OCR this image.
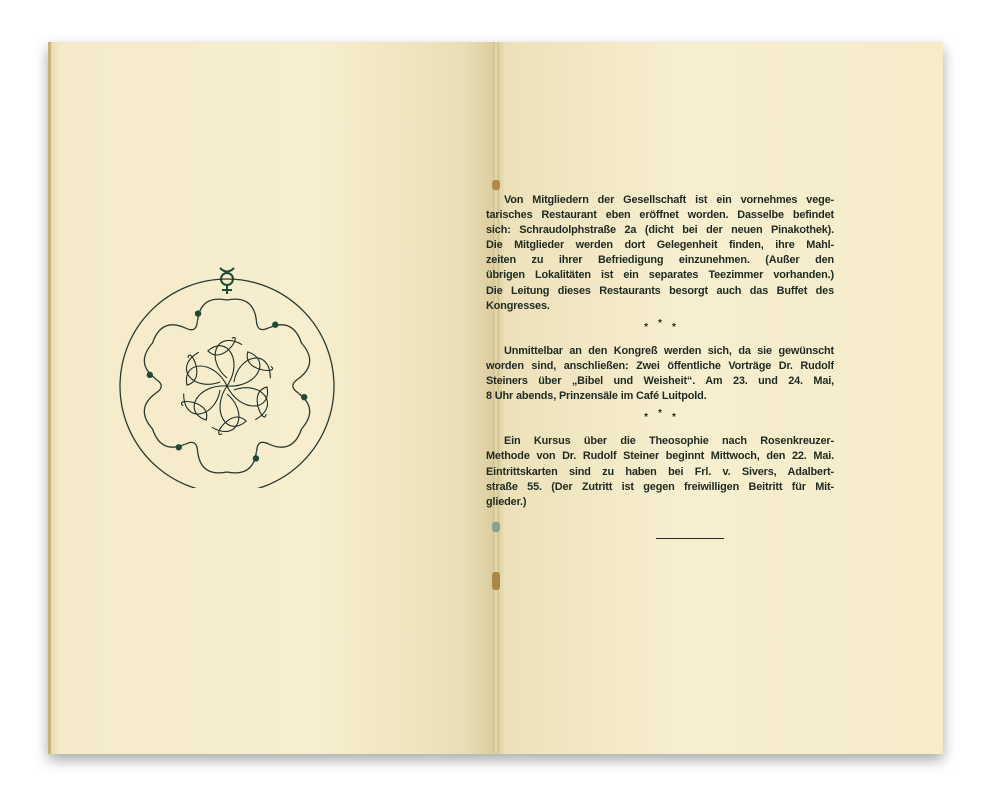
Von Mitgliedern der Gesellschaft ist ein vornehmes vege-
tarisches Restaurant eben eröffnet worden. Dasselbe befindet
sich: Schraudolphstraße 2a (dicht bei der neuen Pinakothek).
Die Mitglieder werden dort Gelegenheit finden, ihre Mahl-
zeiten zu ihrer Befriedigung einzunehmen. (Außer den
übrigen Lokalitäten ist ein separates Teezimmer vorhanden.)
Die Leitung dieses Restaurants besorgt auch das Buffet des
Kongresses.
***
Unmittelbar an den Kongreß werden sich, da sie gewünscht
worden sind, anschließen: Zwei öffentliche Vorträge Dr. Rudolf
Steiners über „Bibel und Weisheit“. Am 23. und 24. Mai,
8 Uhr abends, Prinzensäle im Café Luitpold.
***
Ein Kursus über die Theosophie nach Rosenkreuzer-
Methode von Dr. Rudolf Steiner beginnt Mittwoch, den 22. Mai.
Eintrittskarten sind zu haben bei Frl. v. Sivers, Adalbert-
straße 55. (Der Zutritt ist gegen freiwilligen Beitritt für Mit-
glieder.)
